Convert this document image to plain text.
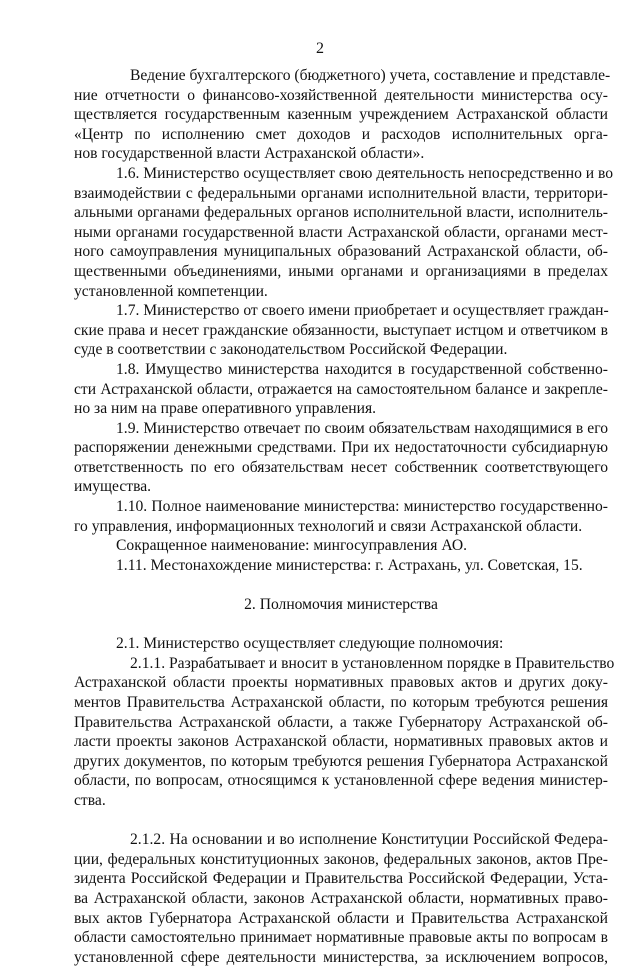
2
Ведение бухгалтерского (бюджетного) учета, составление и представле-
ние отчетности о финансово-хозяйственной деятельности министерства осу-
ществляется государственным казенным учреждением Астраханской области
«Центр по исполнению смет доходов и расходов исполнительных орга-
нов государственной власти Астраханской области».
1.6. Министерство осуществляет свою деятельность непосредственно и во
взаимодействии с федеральными органами исполнительной власти, территори-
альными органами федеральных органов исполнительной власти, исполнитель-
ными органами государственной власти Астраханской области, органами мест-
ного самоуправления муниципальных образований Астраханской области, об-
щественными объединениями, иными органами и организациями в пределах
установленной компетенции.
1.7. Министерство от своего имени приобретает и осуществляет граждан-
ские права и несет гражданские обязанности, выступает истцом и ответчиком в
суде в соответствии с законодательством Российской Федерации.
1.8. Имущество министерства находится в государственной собственно-
сти Астраханской области, отражается на самостоятельном балансе и закрепле-
но за ним на праве оперативного управления.
1.9. Министерство отвечает по своим обязательствам находящимися в его
распоряжении денежными средствами. При их недостаточности субсидиарную
ответственность по его обязательствам несет собственник соответствующего
имущества.
1.10. Полное наименование министерства: министерство государственно-
го управления, информационных технологий и связи Астраханской области.
Сокращенное наименование: мингосуправления АО.
1.11. Местонахождение министерства: г. Астрахань, ул. Советская, 15.
2. Полномочия министерства
2.1. Министерство осуществляет следующие полномочия:
2.1.1. Разрабатывает и вносит в установленном порядке в Правительство
Астраханской области проекты нормативных правовых актов и других доку-
ментов Правительства Астраханской области, по которым требуются решения
Правительства Астраханской области, а также Губернатору Астраханской об-
ласти проекты законов Астраханской области, нормативных правовых актов и
других документов, по которым требуются решения Губернатора Астраханской
области, по вопросам, относящимся к установленной сфере ведения министер-
ства.
2.1.2. На основании и во исполнение Конституции Российской Федера-
ции, федеральных конституционных законов, федеральных законов, актов Пре-
зидента Российской Федерации и Правительства Российской Федерации, Уста-
ва Астраханской области, законов Астраханской области, нормативных право-
вых актов Губернатора Астраханской области и Правительства Астраханской
области самостоятельно принимает нормативные правовые акты по вопросам в
установленной сфере деятельности министерства, за исключением вопросов,
